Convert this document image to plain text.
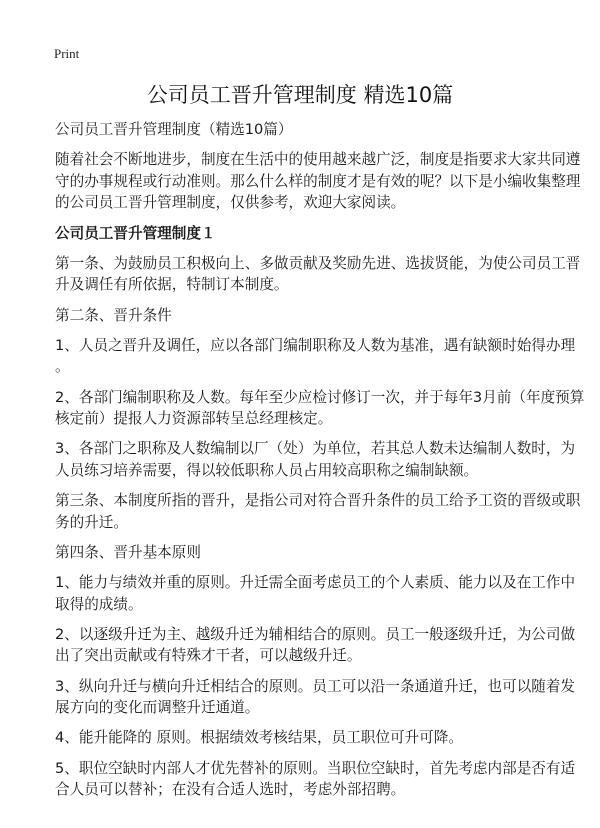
Print
公司员工晋升管理制度 精选10篇

公司员工晋升管理制度（精选10篇）

随着社会不断地进步，制度在生活中的使用越来越广泛，制度是指要求大家共同遵
守的办事规程或行动准则。那么什么样的制度才是有效的呢？以下是小编收集整理
的公司员工晋升管理制度，仅供参考，欢迎大家阅读。

公司员工晋升管理制度１

第一条、为鼓励员工积极向上、多做贡献及奖励先进、选拔贤能，为使公司员工晋
升及调任有所依据，特制订本制度。

第二条、晋升条件

1、人员之晋升及调任，应以各部门编制职称及人数为基准，遇有缺额时始得办理
。

2、各部门编制职称及人数。每年至少应检讨修订一次，并于每年3月前（年度预算
核定前）提报人力资源部转呈总经理核定。

3、各部门之职称及人数编制以厂（处）为单位，若其总人数未达编制人数时，为
人员练习培养需要，得以较低职称人员占用较高职称之编制缺额。

第三条、本制度所指的晋升，是指公司对符合晋升条件的员工给予工资的晋级或职
务的升迁。

第四条、晋升基本原则

1、能力与绩效并重的原则。升迁需全面考虑员工的个人素质、能力以及在工作中
取得的成绩。

2、以逐级升迁为主、越级升迁为辅相结合的原则。员工一般逐级升迁，为公司做
出了突出贡献或有特殊才干者，可以越级升迁。

3、纵向升迁与横向升迁相结合的原则。员工可以沿一条通道升迁，也可以随着发
展方向的变化而调整升迁通道。

4、能升能降的 原则。根据绩效考核结果，员工职位可升可降。

5、职位空缺时内部人才优先替补的原则。当职位空缺时，首先考虑内部是否有适
合人员可以替补；在没有合适人选时，考虑外部招聘。
